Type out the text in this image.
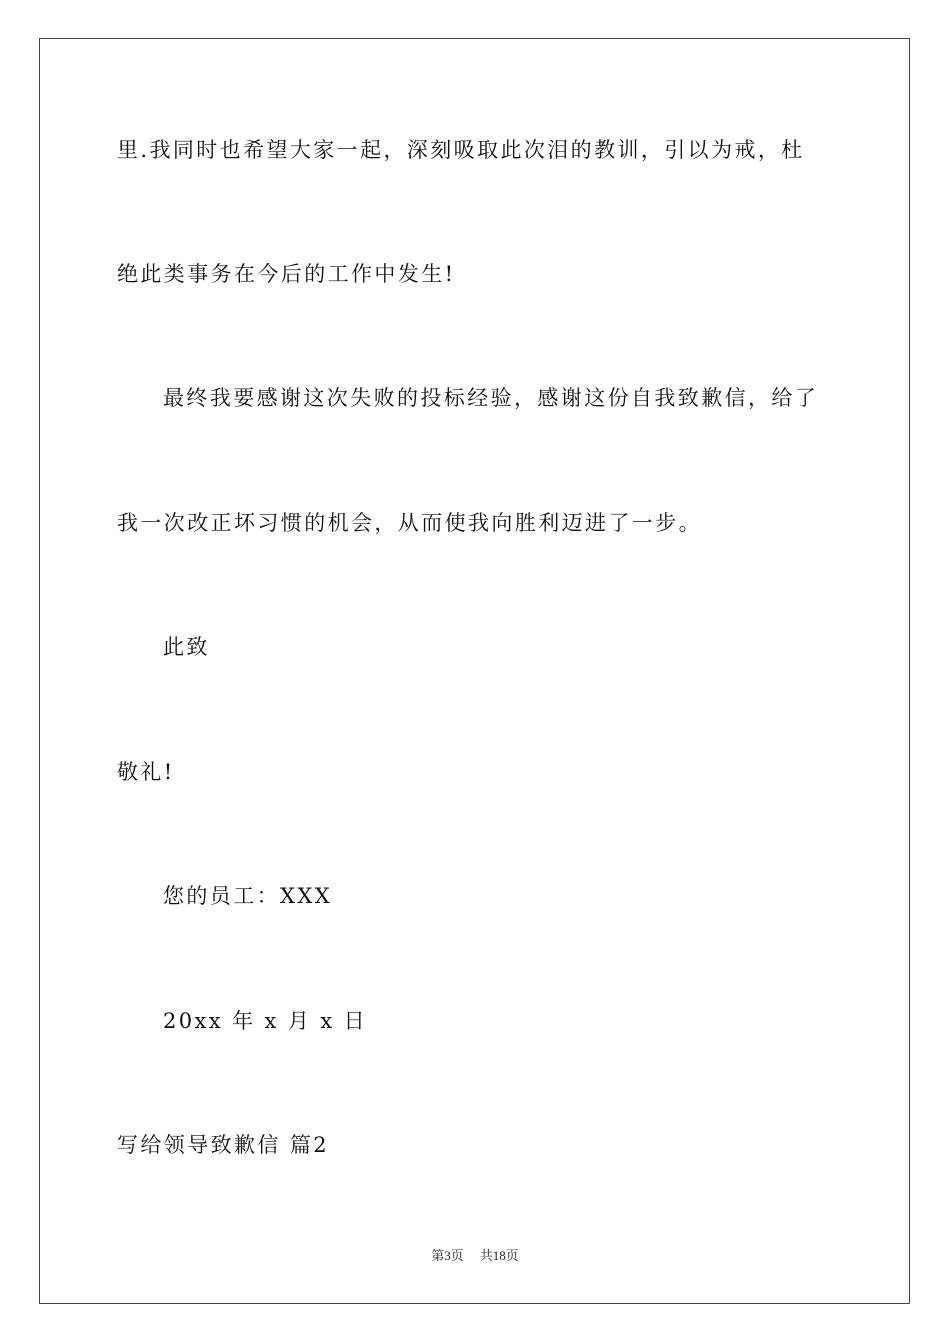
里.我同时也希望大家一起，深刻吸取此次泪的教训，引以为戒，杜
绝此类事务在今后的工作中发生!
最终我要感谢这次失败的投标经验，感谢这份自我致歉信，给了
我一次改正坏习惯的机会，从而使我向胜利迈进了一步。
此致
敬礼!
您的员工：XXX
20xx 年 x 月 x 日
写给领导致歉信 篇2
第3页 共18页
